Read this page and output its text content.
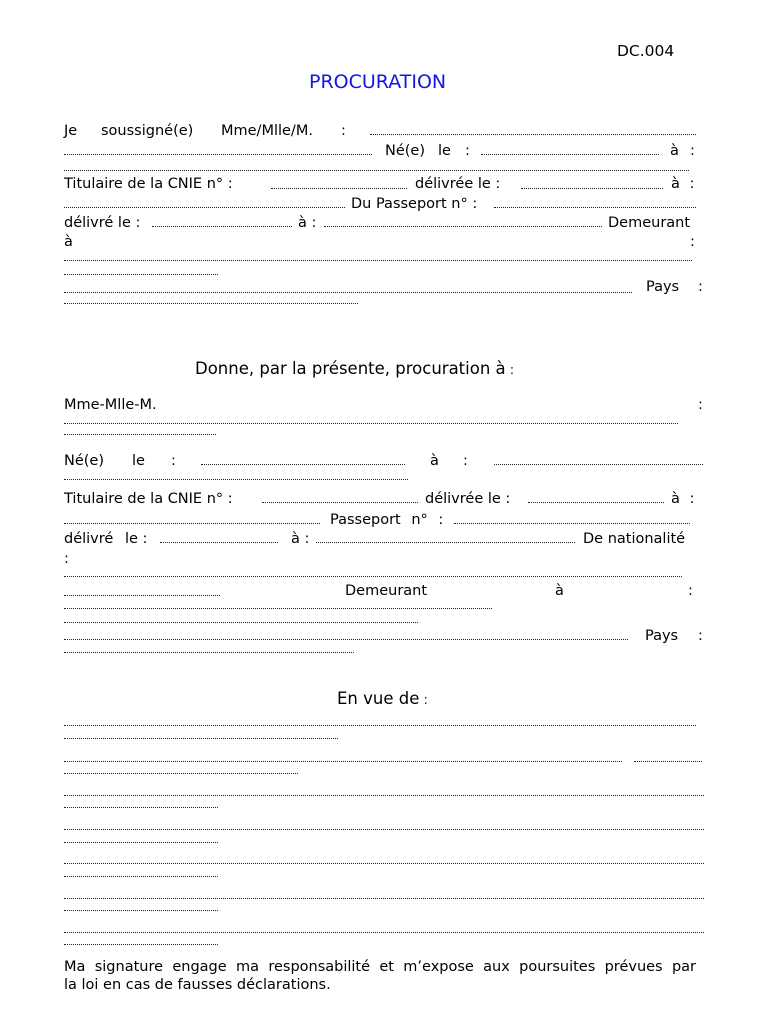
DC.004
PROCURATION
Je soussigné(e) Mme/Mlle/M. :
Né(e) le :	à :
Titulaire de la CNIE n° :	délivrée le :	à :
Du Passeport n° :
délivré le :	à :	Demeurant
à	:
Pays :
Donne, par la présente, procuration à :
Mme-Mlle-M.	:
Né(e) le :	à :
Titulaire de la CNIE n° :	délivrée le :	à :
Passeport n° :
délivré le :	à :	De nationalité
:
Demeurant	à	:
Pays :
En vue de :
Ma signature engage ma responsabilité et m’expose aux poursuites prévues par
la loi en cas de fausses déclarations.
